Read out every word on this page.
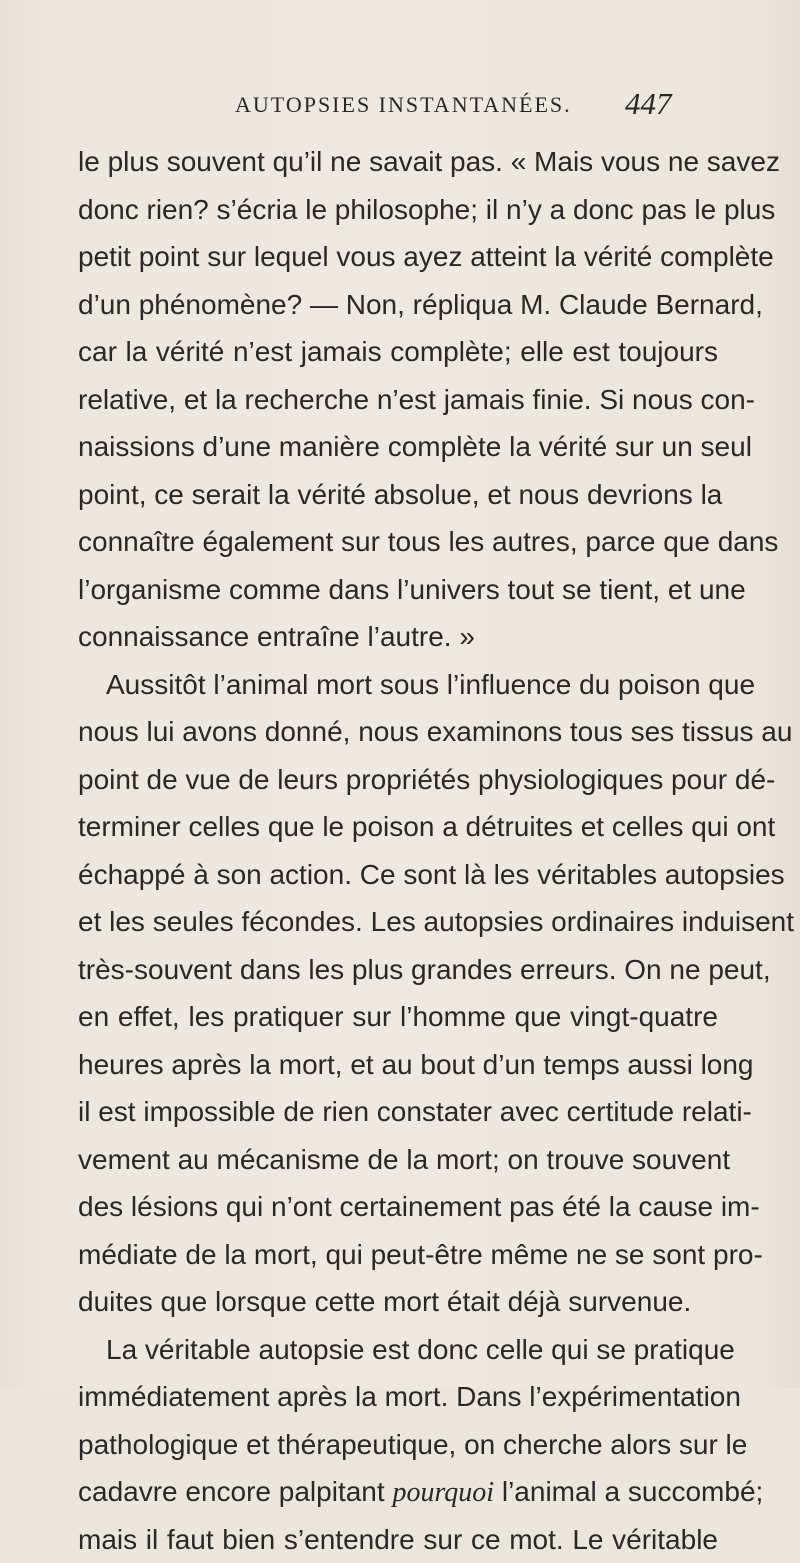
AUTOPSIES INSTANTANÉES. 447
le plus souvent qu’il ne savait pas. « Mais vous ne savez
donc rien? s’écria le philosophe; il n’y a donc pas le plus
petit point sur lequel vous ayez atteint la vérité complète
d’un phénomène? — Non, répliqua M. Claude Bernard,
car la vérité n’est jamais complète; elle est toujours
relative, et la recherche n’est jamais finie. Si nous con-
naissions d’une manière complète la vérité sur un seul
point, ce serait la vérité absolue, et nous devrions la
connaître également sur tous les autres, parce que dans
l’organisme comme dans l’univers tout se tient, et une
connaissance entraîne l’autre. »
Aussitôt l’animal mort sous l’influence du poison que
nous lui avons donné, nous examinons tous ses tissus au
point de vue de leurs propriétés physiologiques pour dé-
terminer celles que le poison a détruites et celles qui ont
échappé à son action. Ce sont là les véritables autopsies
et les seules fécondes. Les autopsies ordinaires induisent
très-souvent dans les plus grandes erreurs. On ne peut,
en effet, les pratiquer sur l’homme que vingt-quatre
heures après la mort, et au bout d’un temps aussi long
il est impossible de rien constater avec certitude relati-
vement au mécanisme de la mort; on trouve souvent
des lésions qui n’ont certainement pas été la cause im-
médiate de la mort, qui peut-être même ne se sont pro-
duites que lorsque cette mort était déjà survenue.
La véritable autopsie est donc celle qui se pratique
immédiatement après la mort. Dans l’expérimentation
pathologique et thérapeutique, on cherche alors sur le
cadavre encore palpitant pourquoi l’animal a succombé;
mais il faut bien s’entendre sur ce mot. Le véritable
